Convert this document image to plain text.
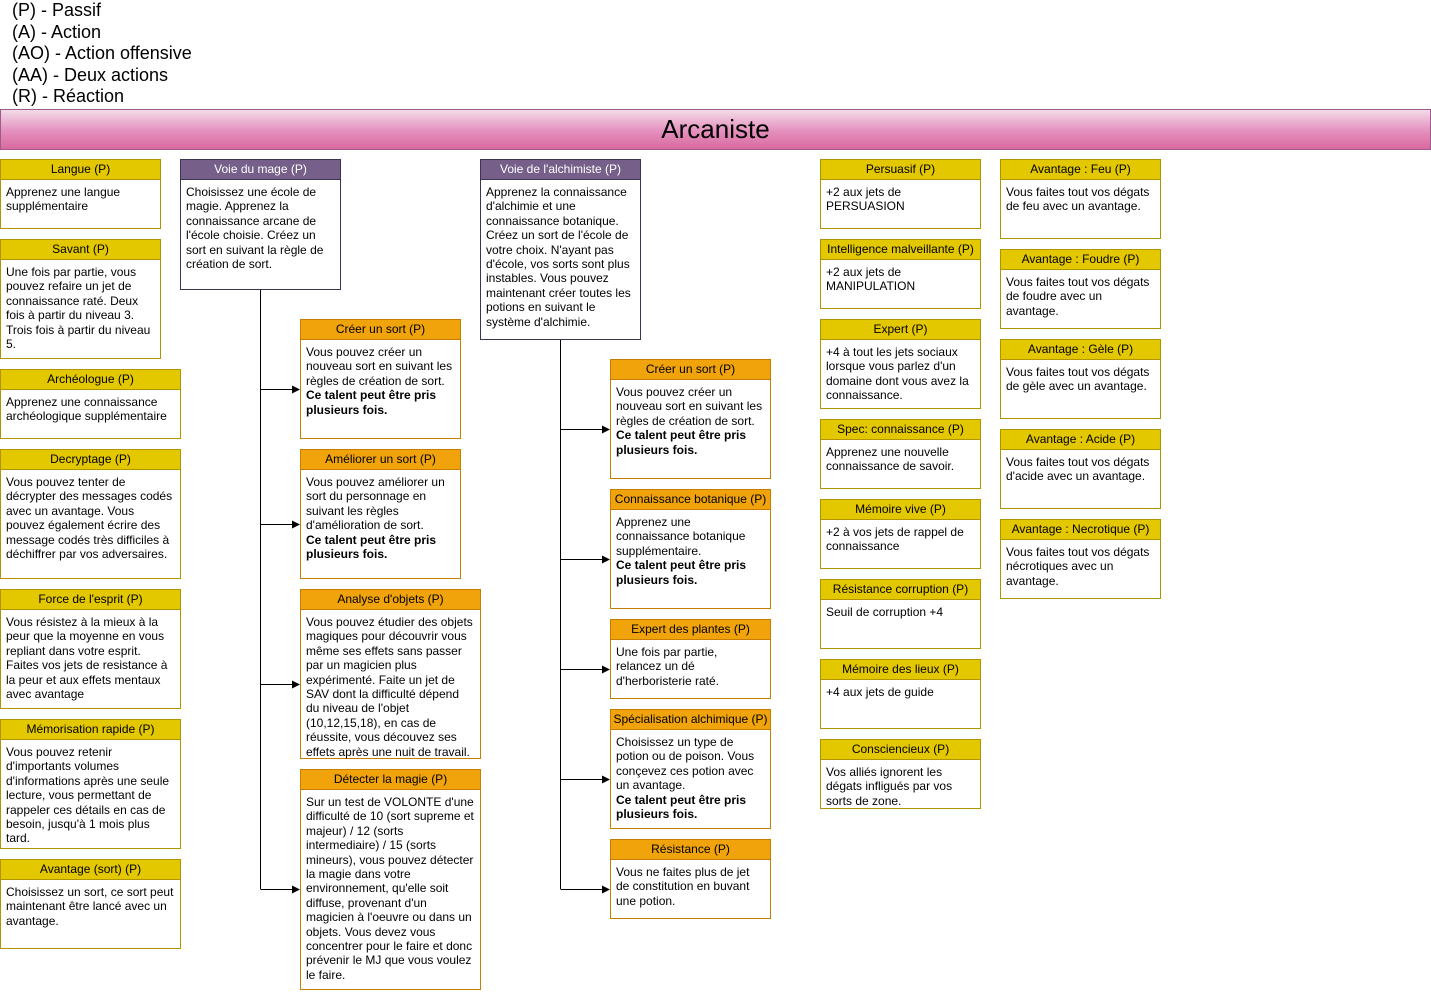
(P) - Passif
(A) - Action
(AO) - Action offensive
(AA) - Deux actions
(R) - Réaction
Arcaniste
Langue (P)
Apprenez une langue supplémentaire
Savant (P)
Une fois par partie, vous pouvez refaire un jet de connaissance raté. Deux fois à partir du niveau 3. Trois fois à partir du niveau 5.
Archéologue (P)
Apprenez une connaissance archéologique supplémentaire
Decryptage (P)
Vous pouvez tenter de décrypter des messages codés avec un avantage. Vous pouvez également écrire des message codés très difficiles à déchiffrer par vos adversaires.
Force de l'esprit (P)
Vous résistez à la mieux à la peur que la moyenne en vous repliant dans votre esprit. Faites vos jets de resistance à la peur et aux effets mentaux avec avantage
Mémorisation rapide (P)
Vous pouvez retenir d'importants volumes d'informations après une seule lecture, vous permettant de rappeler ces détails en cas de besoin, jusqu'à 1 mois plus tard.
Avantage (sort) (P)
Choisissez un sort, ce sort peut maintenant être lancé avec un avantage.
Voie du mage (P)
Choisissez une école de magie. Apprenez la connaissance arcane de l'école choisie. Créez un sort en suivant la règle de création de sort.
Créer un sort (P)
Vous pouvez créer un nouveau sort en suivant les règles de création de sort.
Ce talent peut être pris plusieurs fois.
Améliorer un sort (P)
Vous pouvez améliorer un sort du personnage en suivant les règles d'amélioration de sort.
Ce talent peut être pris plusieurs fois.
Analyse d'objets (P)
Vous pouvez étudier des objets magiques pour découvrir vous même ses effets sans passer par un magicien plus expérimenté. Faite un jet de SAV dont la difficulté dépend du niveau de l'objet (10,12,15,18), en cas de réussite, vous découvez ses effets après une nuit de travail.
Détecter la magie (P)
Sur un test de VOLONTE d'une difficulté de 10 (sort supreme et majeur) / 12 (sorts intermediaire) / 15 (sorts mineurs), vous pouvez détecter la magie dans votre environnement, qu'elle soit diffuse, provenant d'un magicien à l'oeuvre ou dans un objets. Vous devez vous concentrer pour le faire et donc prévenir le MJ que vous voulez le faire.
Voie de l'alchimiste (P)
Apprenez la connaissance d'alchimie et une connaissance botanique. Créez un sort de l'école de votre choix. N'ayant pas d'école, vos sorts sont plus instables. Vous pouvez maintenant créer toutes les potions en suivant le système d'alchimie.
Créer un sort (P)
Vous pouvez créer un nouveau sort en suivant les règles de création de sort.
Ce talent peut être pris plusieurs fois.
Connaissance botanique (P)
Apprenez une connaissance botanique supplémentaire.
Ce talent peut être pris plusieurs fois.
Expert des plantes (P)
Une fois par partie, relancez un dé d'herboristerie raté.
Spécialisation alchimique (P)
Choisissez un type de potion ou de poison. Vous conçevez ces potion avec un avantage.
Ce talent peut être pris plusieurs fois.
Résistance (P)
Vous ne faites plus de jet de constitution en buvant une potion.
Persuasif (P)
+2 aux jets de PERSUASION
Intelligence malveillante (P)
+2 aux jets de MANIPULATION
Expert (P)
+4 à tout les jets sociaux lorsque vous parlez d'un domaine dont vous avez la connaissance.
Spec: connaissance (P)
Apprenez une nouvelle connaissance de savoir.
Mémoire vive (P)
+2 à vos jets de rappel de connaissance
Résistance corruption (P)
Seuil de corruption +4
Mémoire des lieux (P)
+4 aux jets de guide
Consciencieux (P)
Vos alliés ignorent les dégats infligués par vos sorts de zone.
Avantage : Feu (P)
Vous faites tout vos dégats de feu avec un avantage.
Avantage : Foudre (P)
Vous faites tout vos dégats de foudre avec un avantage.
Avantage : Gèle (P)
Vous faites tout vos dégats de gèle avec un avantage.
Avantage : Acide (P)
Vous faites tout vos dégats d'acide avec un avantage.
Avantage : Necrotique (P)
Vous faites tout vos dégats nécrotiques avec un avantage.
